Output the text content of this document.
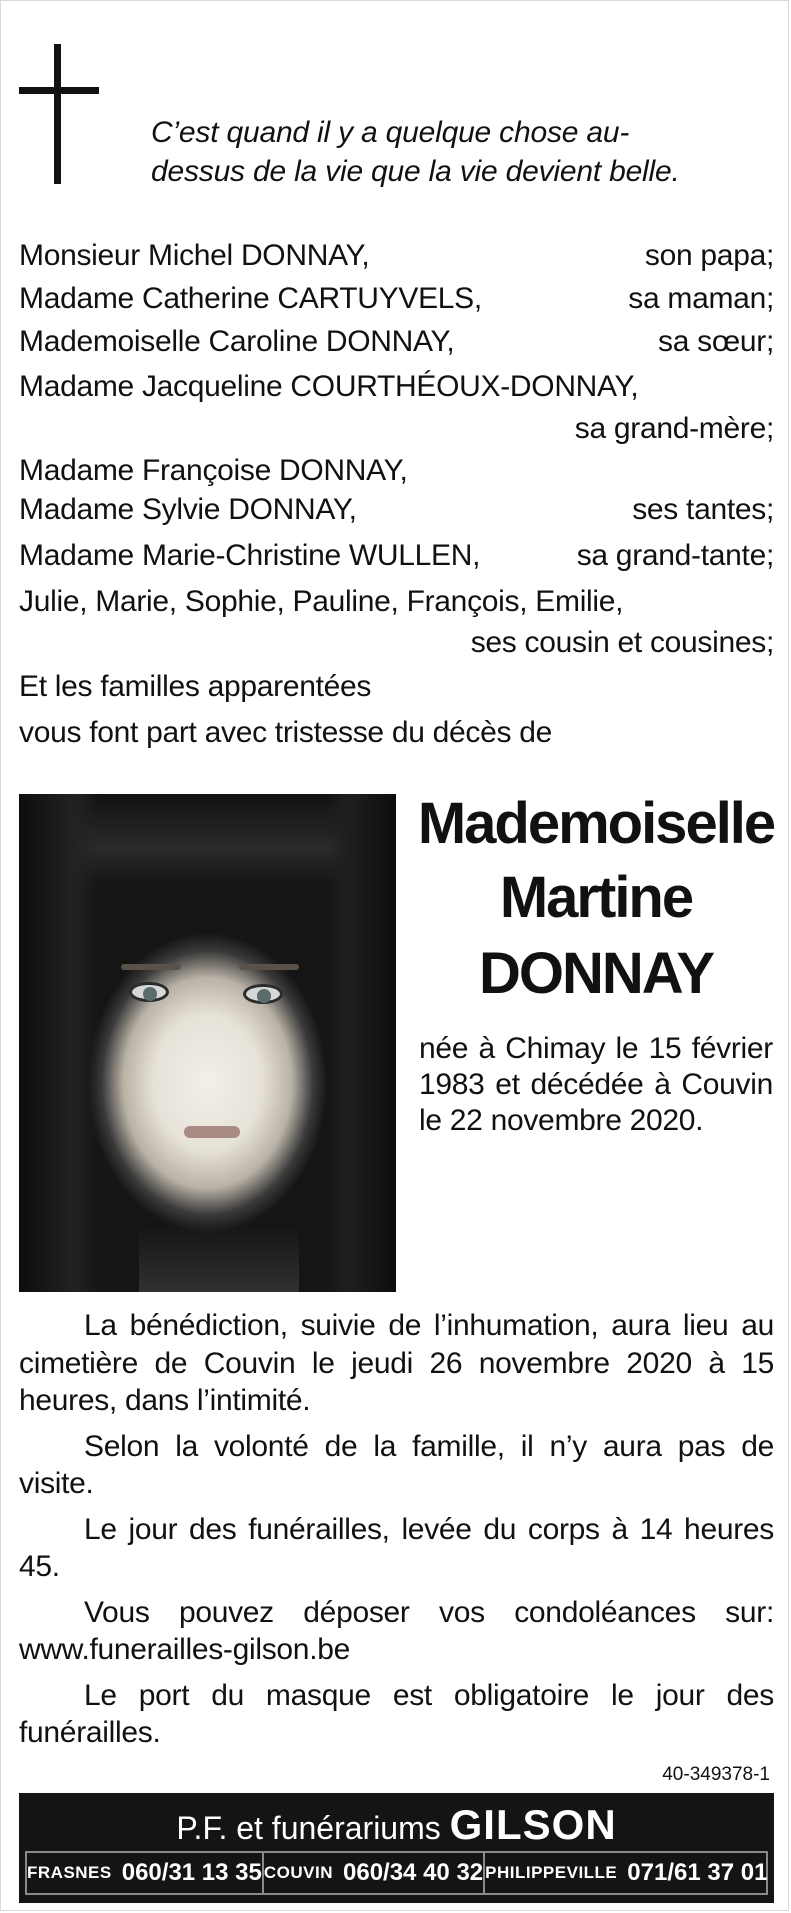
C’est quand il y a quelque chose au-
dessus de la vie que la vie devient belle.
Monsieur Michel DONNAY,	son papa;
Madame Catherine CARTUYVELS,	sa maman;
Mademoiselle Caroline DONNAY,	sa sœur;
Madame Jacqueline COURTHÉOUX-DONNAY,
sa grand-mère;
Madame Françoise DONNAY,
Madame Sylvie DONNAY,	ses tantes;
Madame Marie-Christine WULLEN,	sa grand-tante;
Julie, Marie, Sophie, Pauline, François, Emilie,
ses cousin et cousines;
Et les familles apparentées
vous font part avec tristesse du décès de
Mademoiselle
Martine
DONNAY
née à Chimay le 15 février 1983 et décédée à Couvin le 22 novembre 2020.

La bénédiction, suivie de l’inhumation, aura lieu au cimetière de Couvin le jeudi 26 novembre 2020 à 15 heures, dans l’intimité.

Selon la volonté de la famille, il n’y aura pas de visite.

Le jour des funérailles, levée du corps à 14 heures 45.

Vous pouvez déposer vos condoléances sur: www.funerailles-gilson.be

Le port du masque est obligatoire le jour des funérailles.

40-349378-1
P.F. et funérariums GILSON
FRASNES 060/31 13 35 COUVIN 060/34 40 32 PHILIPPEVILLE 071/61 37 01
